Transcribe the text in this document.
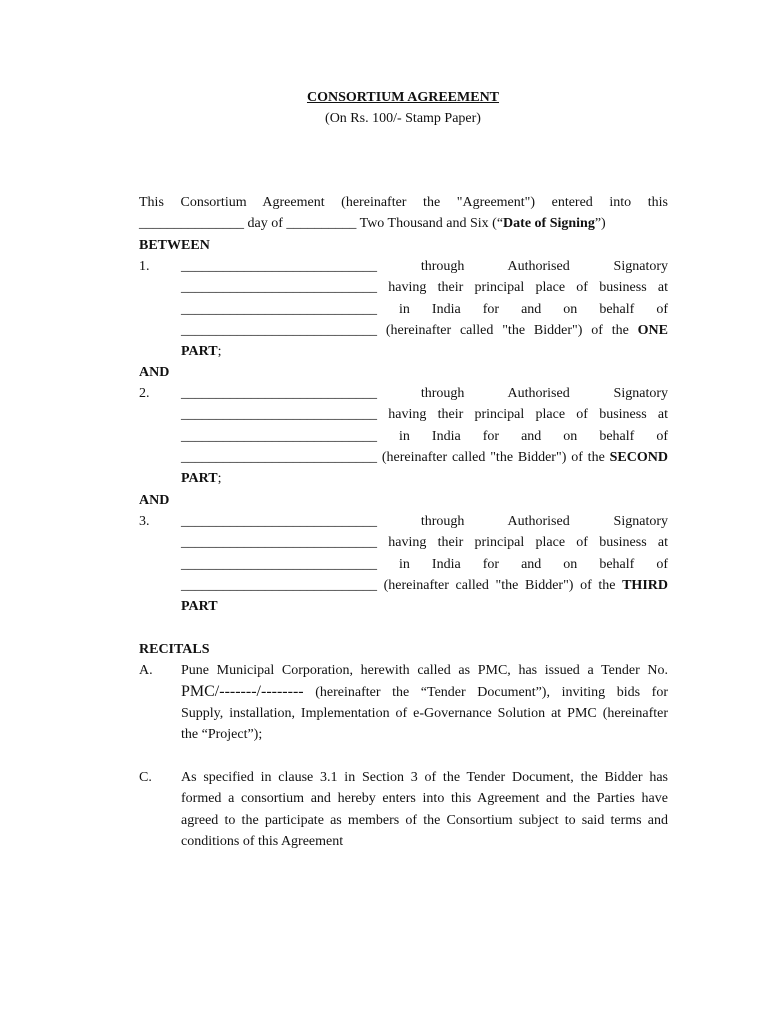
CONSORTIUM AGREEMENT
(On Rs. 100/- Stamp Paper)
This Consortium Agreement (hereinafter the "Agreement") entered into this
_______________ day of __________ Two Thousand and Six (“Date of Signing”)
BETWEEN
1. ____________________________ through Authorised Signatory
____________________________ having their principal place of business at
____________________________ in India for and on behalf of
____________________________ (hereinafter called "the Bidder") of the ONE
PART;
AND
2. ____________________________ through Authorised Signatory
____________________________ having their principal place of business at
____________________________ in India for and on behalf of
____________________________ (hereinafter called "the Bidder") of the SECOND
PART;
AND
3. ____________________________ through Authorised Signatory
____________________________ having their principal place of business at
____________________________ in India for and on behalf of
____________________________ (hereinafter called "the Bidder") of the THIRD
PART
RECITALS
A. Pune Municipal Corporation, herewith called as PMC, has issued a Tender No.
PMC/-------/-------- (hereinafter the “Tender Document”), inviting bids for
Supply, installation, Implementation of e-Governance Solution at PMC (hereinafter
the “Project”);
C. As specified in clause 3.1 in Section 3 of the Tender Document, the Bidder has
formed a consortium and hereby enters into this Agreement and the Parties have
agreed to the participate as members of the Consortium subject to said terms and
conditions of this Agreement
